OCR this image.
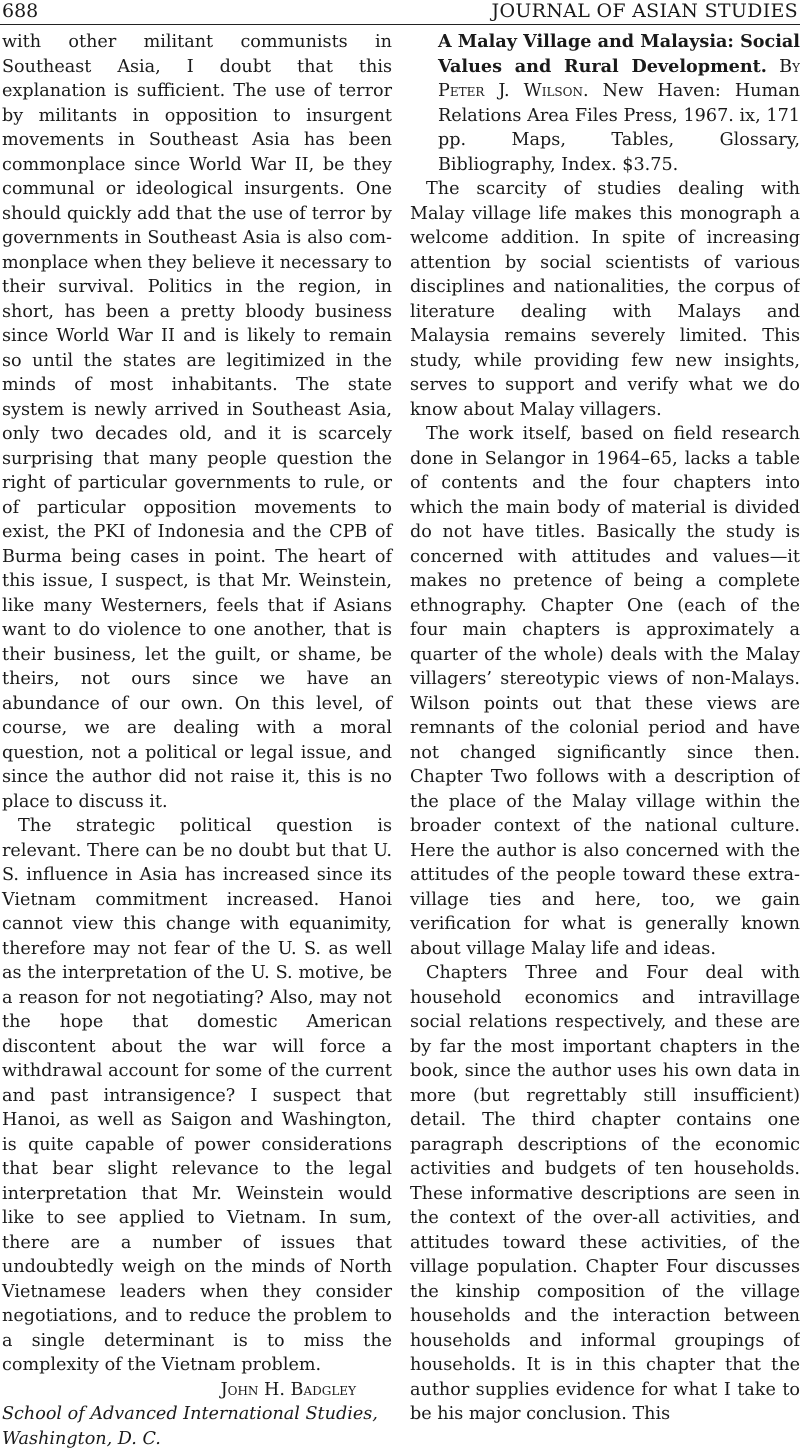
688	JOURNAL OF ASIAN STUDIES

with other militant communists in Southeast Asia, I doubt that this explanation is sufficient. The use of terror by militants in opposition to insurgent movements in Southeast Asia has been commonplace since World War II, be they communal or ideological insurgents. One should quickly add that the use of terror by governments in Southeast Asia is also commonplace when they believe it necessary to their survival. Politics in the region, in short, has been a pretty bloody business since World War II and is likely to remain so until the states are legitimized in the minds of most inhabitants. The state system is newly arrived in Southeast Asia, only two decades old, and it is scarcely surprising that many people question the right of particular governments to rule, or of particular opposition movements to exist, the PKI of Indonesia and the CPB of Burma being cases in point. The heart of this issue, I suspect, is that Mr. Weinstein, like many Westerners, feels that if Asians want to do violence to one another, that is their business, let the guilt, or shame, be theirs, not ours since we have an abundance of our own. On this level, of course, we are dealing with a moral question, not a political or legal issue, and since the author did not raise it, this is no place to discuss it.

The strategic political question is relevant. There can be no doubt but that U. S. influence in Asia has increased since its Vietnam commitment increased. Hanoi cannot view this change with equanimity, therefore may not fear of the U. S. as well as the interpretation of the U. S. motive, be a reason for not negotiating? Also, may not the hope that domestic American discontent about the war will force a withdrawal account for some of the current and past intransigence? I suspect that Hanoi, as well as Saigon and Washington, is quite capable of power considerations that bear slight relevance to the legal interpretation that Mr. Weinstein would like to see applied to Vietnam. In sum, there are a number of issues that undoubtedly weigh on the minds of North Vietnamese leaders when they consider negotiations, and to reduce the problem to a single determinant is to miss the complexity of the Vietnam problem.

John H. Badgley

School of Advanced International Studies,

Washington, D. C.

A Malay Village and Malaysia: Social Values and Rural Development. By Peter J. Wilson. New Haven: Human Relations Area Files Press, 1967. ix, 171 pp. Maps, Tables, Glossary, Bibliography, Index. $3.75.

The scarcity of studies dealing with Malay village life makes this monograph a welcome addition. In spite of increasing attention by social scientists of various disciplines and nationalities, the corpus of literature dealing with Malays and Malaysia remains severely limited. This study, while providing few new insights, serves to support and verify what we do know about Malay villagers.

The work itself, based on field research done in Selangor in 1964–65, lacks a table of contents and the four chapters into which the main body of material is divided do not have titles. Basically the study is concerned with attitudes and values—it makes no pretence of being a complete ethnography. Chapter One (each of the four main chapters is approximately a quarter of the whole) deals with the Malay villagers’ stereotypic views of non-Malays. Wilson points out that these views are remnants of the colonial period and have not changed significantly since then. Chapter Two follows with a description of the place of the Malay village within the broader context of the national culture. Here the author is also concerned with the attitudes of the people toward these extra-village ties and here, too, we gain verification for what is generally known about village Malay life and ideas.

Chapters Three and Four deal with household economics and intravillage social relations respectively, and these are by far the most important chapters in the book, since the author uses his own data in more (but regrettably still insufficient) detail. The third chapter contains one paragraph descriptions of the economic activities and budgets of ten households. These informative descriptions are seen in the context of the over-all activities, and attitudes toward these activities, of the village population. Chapter Four discusses the kinship composition of the village households and the interaction between households and informal groupings of households. It is in this chapter that the author supplies evidence for what I take to be his major conclusion. This
